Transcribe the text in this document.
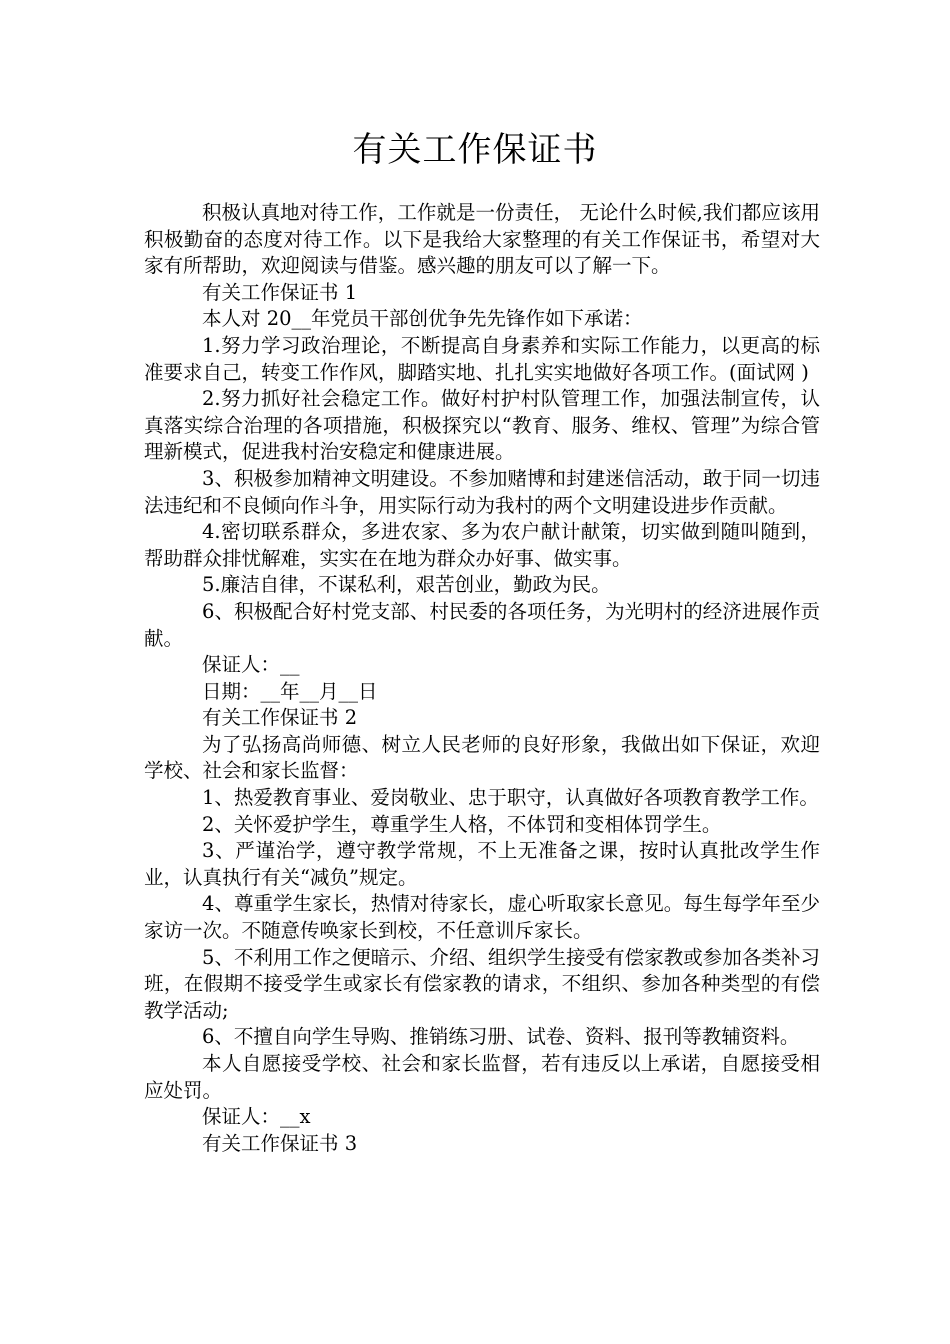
有关工作保证书

积极认真地对待工作，工作就是一份责任， 无论什么时候,我们都应该用积极勤奋的态度对待工作。以下是我给大家整理的有关工作保证书，希望对大家有所帮助，欢迎阅读与借鉴。感兴趣的朋友可以了解一下。

有关工作保证书 1

本人对 20__年党员干部创优争先先锋作如下承诺：

1.努力学习政治理论，不断提高自身素养和实际工作能力，以更高的标准要求自己，转变工作作风，脚踏实地、扎扎实实地做好各项工作。(面试网 )

2.努力抓好社会稳定工作。做好村护村队管理工作，加强法制宣传，认真落实综合治理的各项措施，积极探究以“教育、服务、维权、管理”为综合管理新模式，促进我村治安稳定和健康进展。

3、积极参加精神文明建设。不参加赌博和封建迷信活动，敢于同一切违法违纪和不良倾向作斗争，用实际行动为我村的两个文明建设进步作贡献。

4.密切联系群众，多进农家、多为农户献计献策，切实做到随叫随到，帮助群众排忧解难，实实在在地为群众办好事、做实事。

5.廉洁自律，不谋私利，艰苦创业，勤政为民。

6、积极配合好村党支部、村民委的各项任务，为光明村的经济进展作贡献。

保证人：__

日期：__年__月__日

有关工作保证书 2

为了弘扬高尚师德、树立人民老师的良好形象，我做出如下保证，欢迎学校、社会和家长监督：

1、热爱教育事业、爱岗敬业、忠于职守，认真做好各项教育教学工作。

2、关怀爱护学生，尊重学生人格，不体罚和变相体罚学生。

3、严谨治学，遵守教学常规，不上无准备之课，按时认真批改学生作业，认真执行有关“减负”规定。

4、尊重学生家长，热情对待家长，虚心听取家长意见。每生每学年至少家访一次。不随意传唤家长到校，不任意训斥家长。

5、不利用工作之便暗示、介绍、组织学生接受有偿家教或参加各类补习班，在假期不接受学生或家长有偿家教的请求，不组织、参加各种类型的有偿教学活动;

6、不擅自向学生导购、推销练习册、试卷、资料、报刊等教辅资料。

本人自愿接受学校、社会和家长监督，若有违反以上承诺，自愿接受相应处罚。

保证人：__x

有关工作保证书 3
